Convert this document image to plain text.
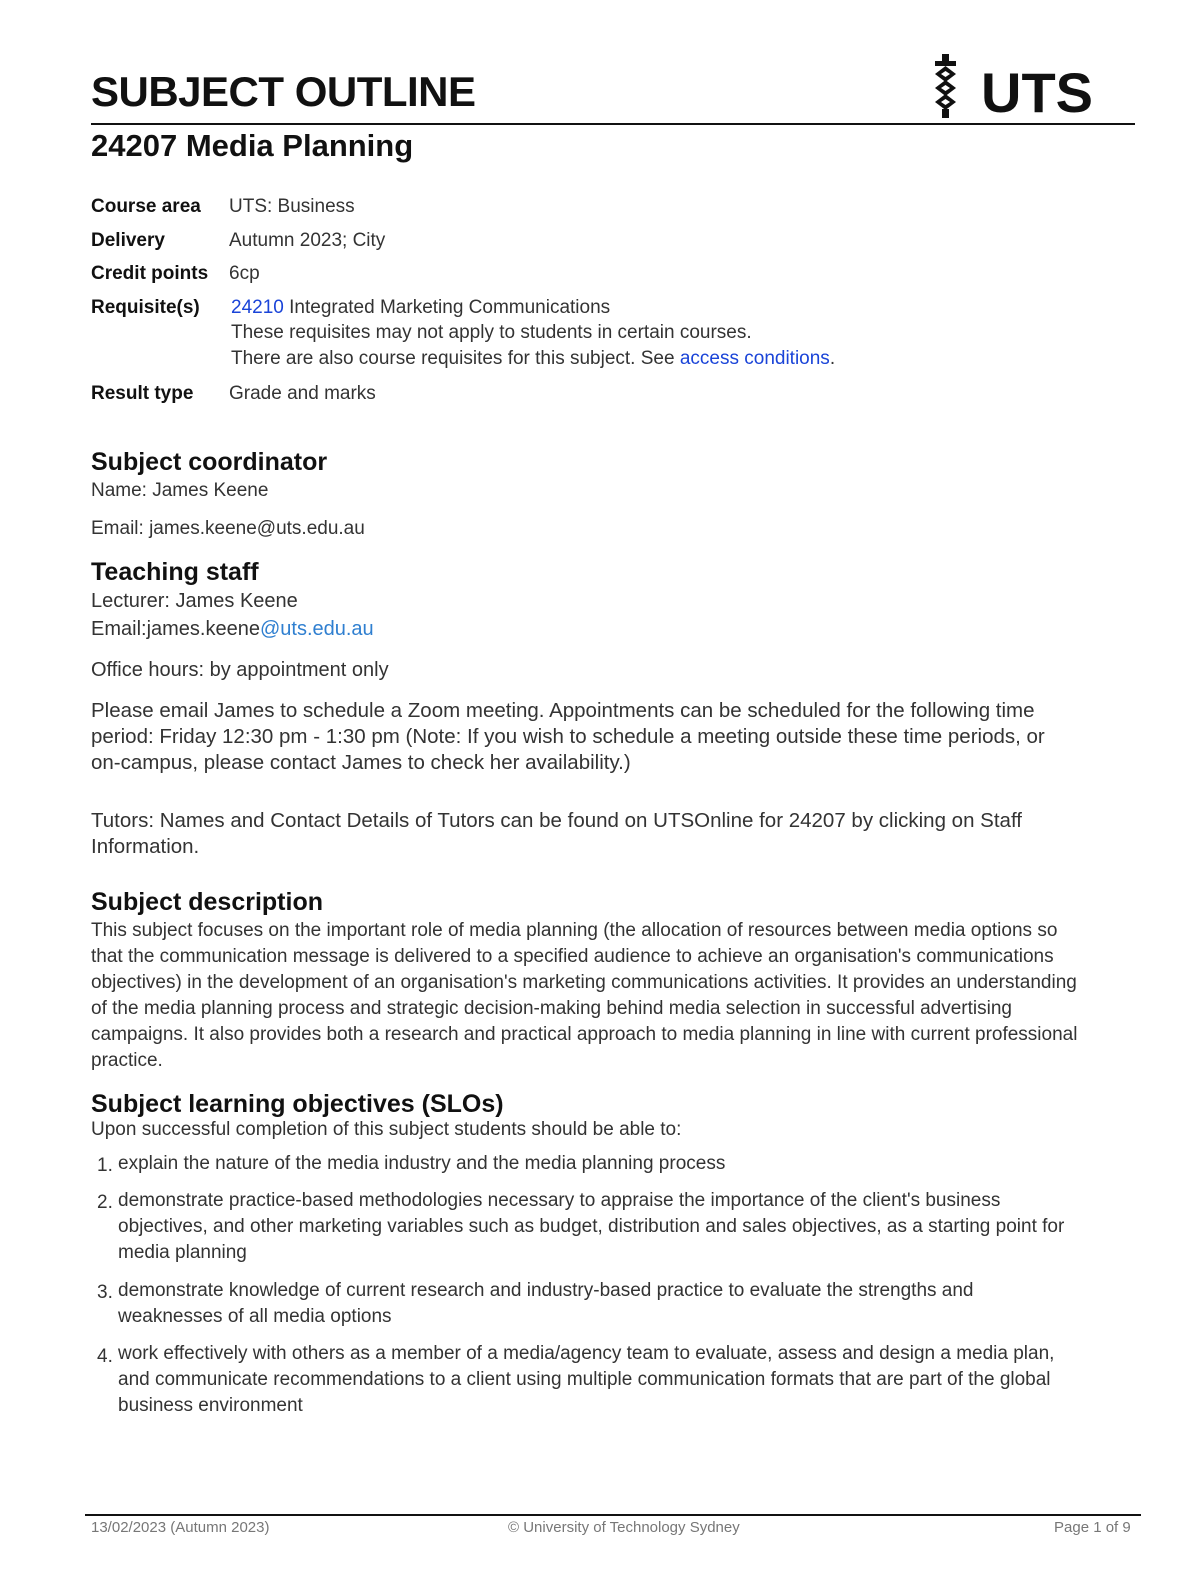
SUBJECT OUTLINE	UTS
24207 Media Planning
Course area UTS: Business
Delivery	Autumn 2023; City
Credit points 6cp
Requisite(s) 24210 Integrated Marketing Communications
These requisites may not apply to students in certain courses.
There are also course requisites for this subject. See access conditions.
Result type Grade and marks
Subject coordinator
Name: James Keene
Email: james.keene@uts.edu.au
Teaching staff
Lecturer: James Keene
Email:james.keene@uts.edu.au
Office hours: by appointment only
Please email James to schedule a Zoom meeting. Appointments can be scheduled for the following time
period: Friday 12:30 pm - 1:30 pm (Note: If you wish to schedule a meeting outside these time periods, or
on-campus, please contact James to check her availability.)
Tutors: Names and Contact Details of Tutors can be found on UTSOnline for 24207 by clicking on Staff
Information.
Subject description
This subject focuses on the important role of media planning (the allocation of resources between media options so
that the communication message is delivered to a specified audience to achieve an organisation's communications
objectives) in the development of an organisation's marketing communications activities. It provides an understanding
of the media planning process and strategic decision-making behind media selection in successful advertising
campaigns. It also provides both a research and practical approach to media planning in line with current professional
practice.
Subject learning objectives (SLOs)
Upon successful completion of this subject students should be able to:
1. explain the nature of the media industry and the media planning process
2. demonstrate practice-based methodologies necessary to appraise the importance of the client's business
objectives, and other marketing variables such as budget, distribution and sales objectives, as a starting point for
media planning
3. demonstrate knowledge of current research and industry-based practice to evaluate the strengths and
weaknesses of all media options
4. work effectively with others as a member of a media/agency team to evaluate, assess and design a media plan,
and communicate recommendations to a client using multiple communication formats that are part of the global
business environment
13/02/2023 (Autumn 2023)	© University of Technology Sydney	Page 1 of 9
